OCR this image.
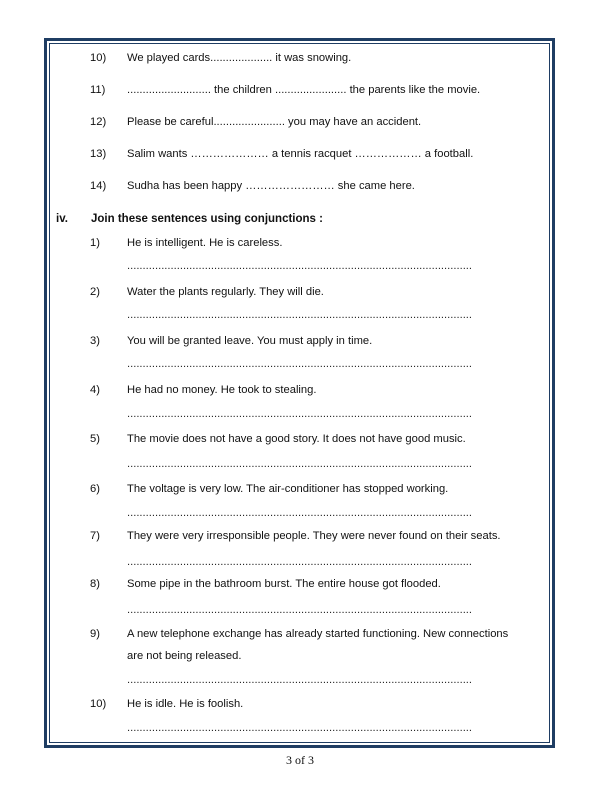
10)	We played cards.................... it was snowing.
11)	........................... the children ....................... the parents like the movie.
12)	Please be careful....................... you may have an accident.
13)	Salim wants ………………… a tennis racquet ……………… a football.
14)	Sudha has been happy …………………… she came here.
iv. Join these sentences using conjunctions :
1)	He is intelligent. He is careless.
...............................................................................................................
2)	Water the plants regularly. They will die.
...............................................................................................................
3)	You will be granted leave. You must apply in time.
...............................................................................................................
4)	He had no money. He took to stealing.
...............................................................................................................
5)	The movie does not have a good story. It does not have good music.
...............................................................................................................
6)	The voltage is very low. The air-conditioner has stopped working.
...............................................................................................................
7)	They were very irresponsible people. They were never found on their seats.
...............................................................................................................
8)	Some pipe in the bathroom burst. The entire house got flooded.
...............................................................................................................
9)	A new telephone exchange has already started functioning. New connections
are not being released.
...............................................................................................................
10)	He is idle. He is foolish.
...............................................................................................................
3 of 3
